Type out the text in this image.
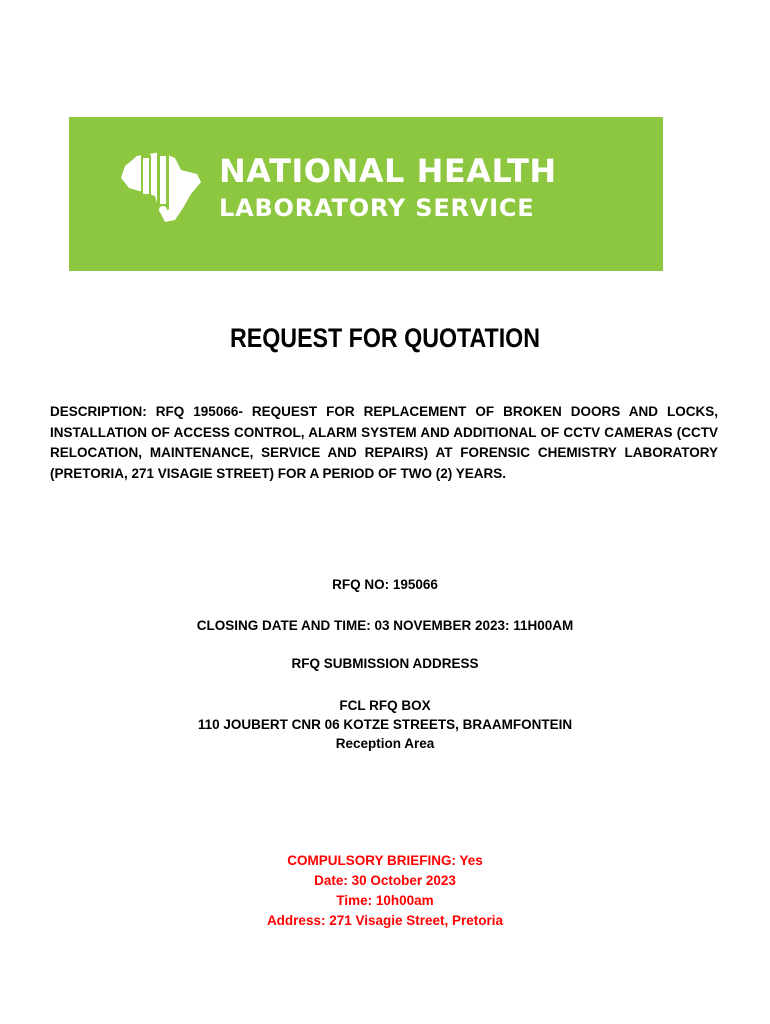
NATIONAL HEALTH
LABORATORY SERVICE
REQUEST FOR QUOTATION

DESCRIPTION: RFQ 195066- REQUEST FOR REPLACEMENT OF BROKEN DOORS AND LOCKS, INSTALLATION OF ACCESS CONTROL, ALARM SYSTEM AND ADDITIONAL OF CCTV CAMERAS (CCTV RELOCATION, MAINTENANCE, SERVICE AND REPAIRS) AT FORENSIC CHEMISTRY LABORATORY (PRETORIA, 271 VISAGIE STREET) FOR A PERIOD OF TWO (2) YEARS.

RFQ NO: 195066

CLOSING DATE AND TIME: 03 NOVEMBER 2023: 11H00AM

RFQ SUBMISSION ADDRESS

FCL RFQ BOX
110 JOUBERT CNR 06 KOTZE STREETS, BRAAMFONTEIN
Reception Area
COMPULSORY BRIEFING: Yes
Date: 30 October 2023
Time: 10h00am
Address: 271 Visagie Street, Pretoria
